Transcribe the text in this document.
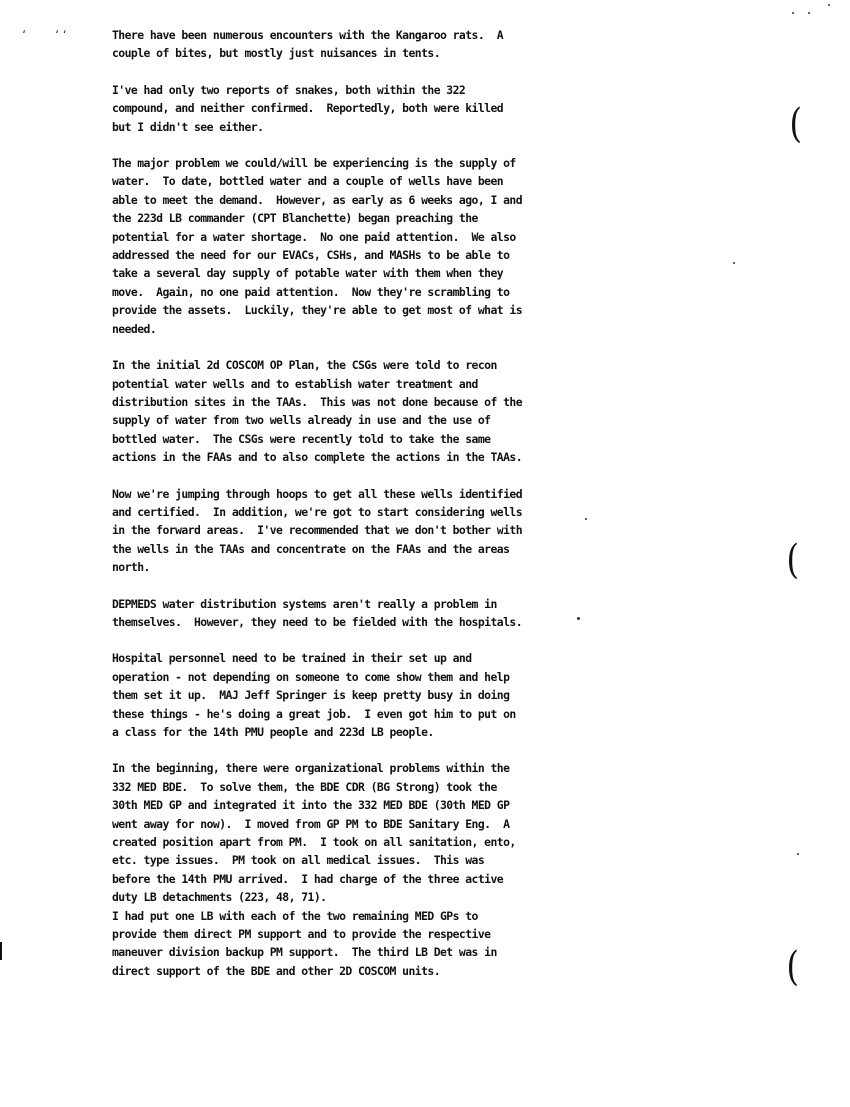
‘ ‘ ‘
(
(
(
There have been numerous encounters with the Kangaroo rats.  A
couple of bites, but mostly just nuisances in tents.
I've had only two reports of snakes, both within the 322
compound, and neither confirmed.  Reportedly, both were killed
but I didn't see either.
The major problem we could/will be experiencing is the supply of
water.  To date, bottled water and a couple of wells have been
able to meet the demand.  However, as early as 6 weeks ago, I and
the 223d LB commander (CPT Blanchette) began preaching the
potential for a water shortage.  No one paid attention.  We also
addressed the need for our EVACs, CSHs, and MASHs to be able to
take a several day supply of potable water with them when they
move.  Again, no one paid attention.  Now they're scrambling to
provide the assets.  Luckily, they're able to get most of what is
needed.
In the initial 2d COSCOM OP Plan, the CSGs were told to recon
potential water wells and to establish water treatment and
distribution sites in the TAAs.  This was not done because of the
supply of water from two wells already in use and the use of
bottled water.  The CSGs were recently told to take the same
actions in the FAAs and to also complete the actions in the TAAs.
Now we're jumping through hoops to get all these wells identified
and certified.  In addition, we're got to start considering wells
in the forward areas.  I've recommended that we don't bother with
the wells in the TAAs and concentrate on the FAAs and the areas
north.
DEPMEDS water distribution systems aren't really a problem in
themselves.  However, they need to be fielded with the hospitals.
Hospital personnel need to be trained in their set up and
operation - not depending on someone to come show them and help
them set it up.  MAJ Jeff Springer is keep pretty busy in doing
these things - he's doing a great job.  I even got him to put on
a class for the 14th PMU people and 223d LB people.
In the beginning, there were organizational problems within the
332 MED BDE.  To solve them, the BDE CDR (BG Strong) took the
30th MED GP and integrated it into the 332 MED BDE (30th MED GP
went away for now).  I moved from GP PM to BDE Sanitary Eng.  A
created position apart from PM.  I took on all sanitation, ento,
etc. type issues.  PM took on all medical issues.  This was
before the 14th PMU arrived.  I had charge of the three active
duty LB detachments (223, 48, 71).
I had put one LB with each of the two remaining MED GPs to
provide them direct PM support and to provide the respective
maneuver division backup PM support.  The third LB Det was in
direct support of the BDE and other 2D COSCOM units.
